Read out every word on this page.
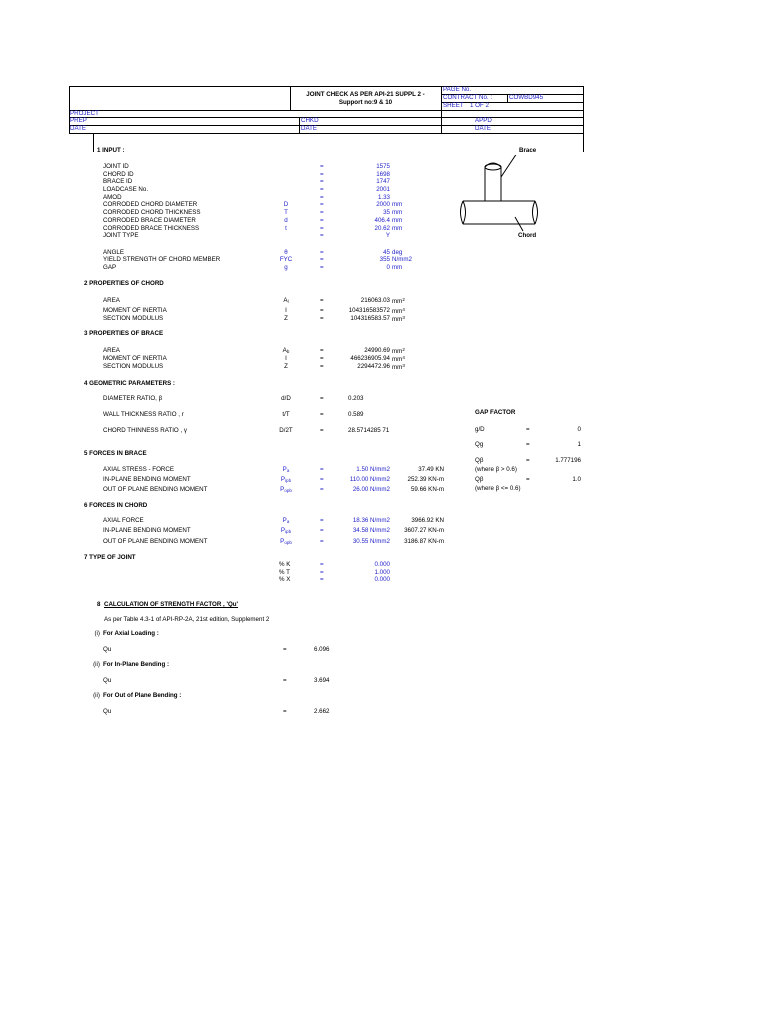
JOINT CHECK AS PER API-21 SUPPL 2 -
Support no:9 & 10
PAGE No.
CONTRACT No. :	COWBD945
SHEET 1 OF 2
PROJECT
PREP	CHKD	APPD
DATE	DATE	DATE
1 INPUT :
JOINT ID	=	1575
CHORD ID	=	1698
BRACE ID	=	1747
LOADCASE No.	=	2001
AMOD	=	1.33
CORRODED CHORD DIAMETER	D	=	2000 mm
CORRODED CHORD THICKNESS	T	=	35 mm
CORRODED BRACE DIAMETER	d	=	406.4 mm
CORRODED BRACE THICKNESS	t	=	20.62 mm
JOINT TYPE	=	Y
ANGLE	θ	=	45 deg
YIELD STRENGTH OF CHORD MEMBER	FYC	=	355 N/mm2
GAP	g	=	0 mm
Brace
Chord
2 PROPERTIES OF CHORD
AREA	$A_l$	=	216063.03 $mm^2$
MOMENT OF INERTIA	I	=	104316583572 $mm^4$
SECTION MODULUS	Z	=	104316583.57 $mm^3$
3 PROPERTIES OF BRACE
AREA	$A_b$	=	24990.69 $mm^2$
MOMENT OF INERTIA	I	=	466236905.94 $mm^4$
SECTION MODULUS	Z	=	2294472.96 $mm^3$
4 GEOMETRIC PARAMETERS :
DIAMETER RATIO, β	d/D	=	0.203
WALL THICKNESS RATIO , r	t/T	=	0.589
CHORD THINNESS RATIO , γ	D/2T	=	28.5714285 71
GAP FACTOR
g/D	=	0
Qg	=	1
Qβ	=	1.777196
(where β > 0.6)
Qβ	=	1.0
(where β <= 0.6)
5 FORCES IN BRACE
AXIAL STRESS - FORCE	$P_a$	=	1.50 N/mm2	37.49 KN
IN-PLANE BENDING MOMENT	$P_{ipb}$	=	110.00 N/mm2	252.39 KN-m
OUT OF PLANE BENDING MOMENT	$P_{opb}$	=	26.00 N/mm2	59.66 KN-m
6 FORCES IN CHORD
AXIAL FORCE	$P_a$	=	18.36 N/mm2	3966.92 KN
IN-PLANE BENDING MOMENT	$P_{ipb}$	=	34.58 N/mm2	3607.27 KN-m
OUT OF PLANE BENDING MOMENT	$P_{opb}$	=	30.55 N/mm2	3186.87 KN-m
7 TYPE OF JOINT
% K	=	0.000
% T	=	1.000
% X	=	0.000
8 CALCULATION OF STRENGTH FACTOR , 'Qu'
As per Table 4.3-1 of API-RP-2A, 21st edition, Supplement 2
(i) For Axial Loading :
Qu	=	6.096
(ii) For In-Plane Bending :
Qu	=	3.694
(ii) For Out of Plane Bending :
Qu	=	2.662
